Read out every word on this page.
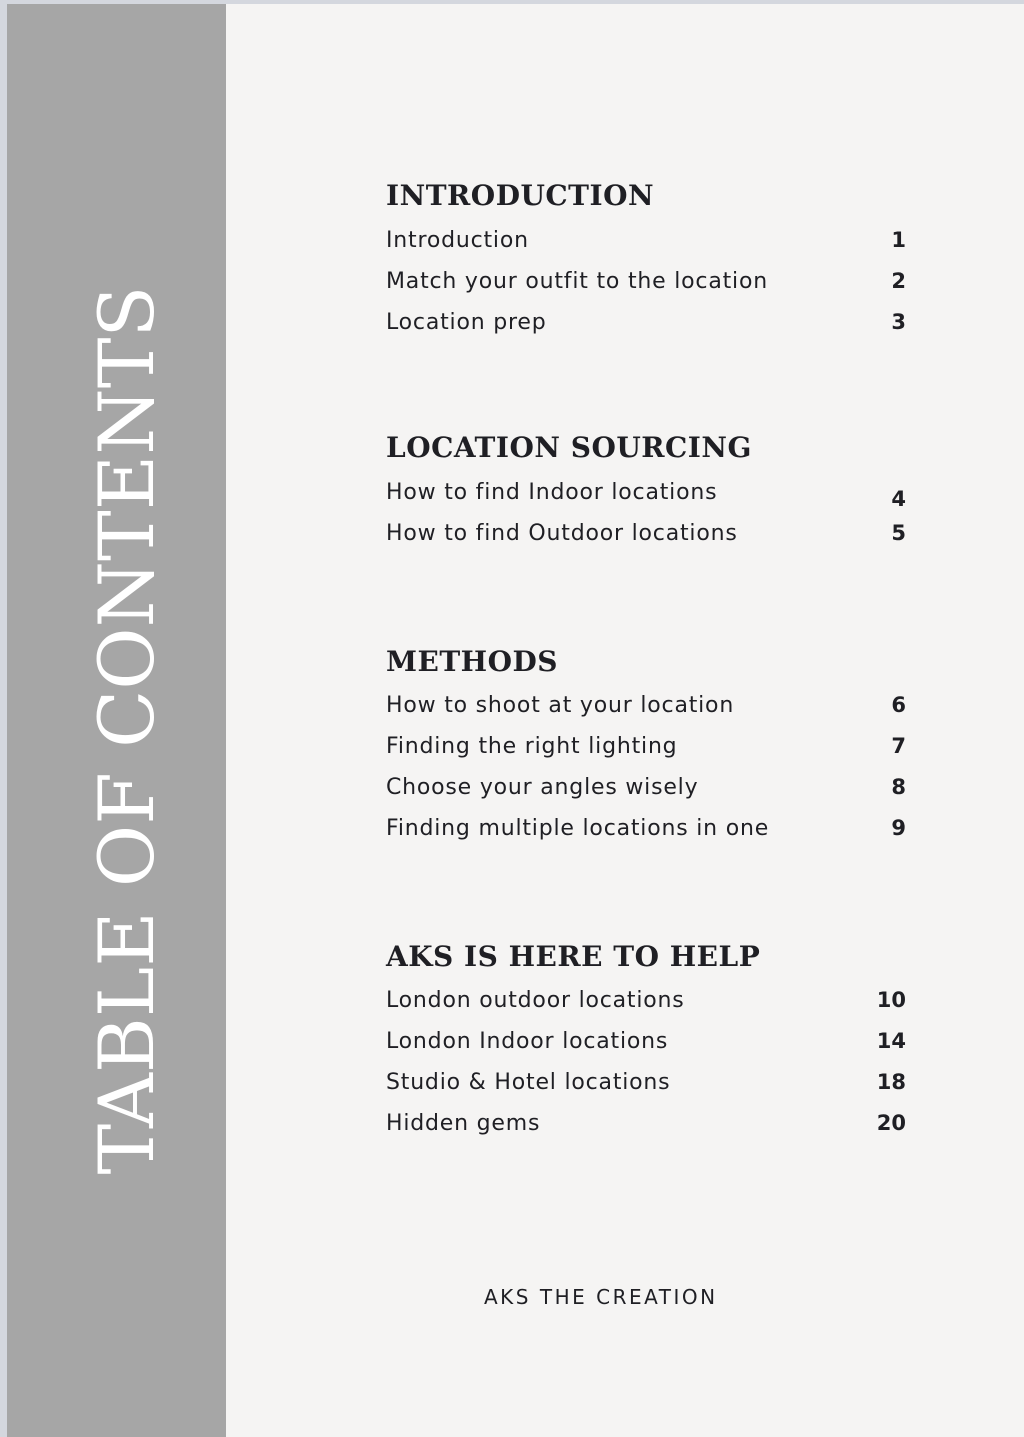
TABLE OF CONTENTS
INTRODUCTION
Introduction	1
Match your outfit to the location	2
Location prep	3
LOCATION SOURCING
How to find Indoor locations	4
How to find Outdoor locations	5
METHODS
How to shoot at your location	6
Finding the right lighting	7
Choose your angles wisely	8
Finding multiple locations in one	9
AKS IS HERE TO HELP
London outdoor locations	10
London Indoor locations	14
Studio & Hotel locations	18
Hidden gems	20
AKS THE CREATION
